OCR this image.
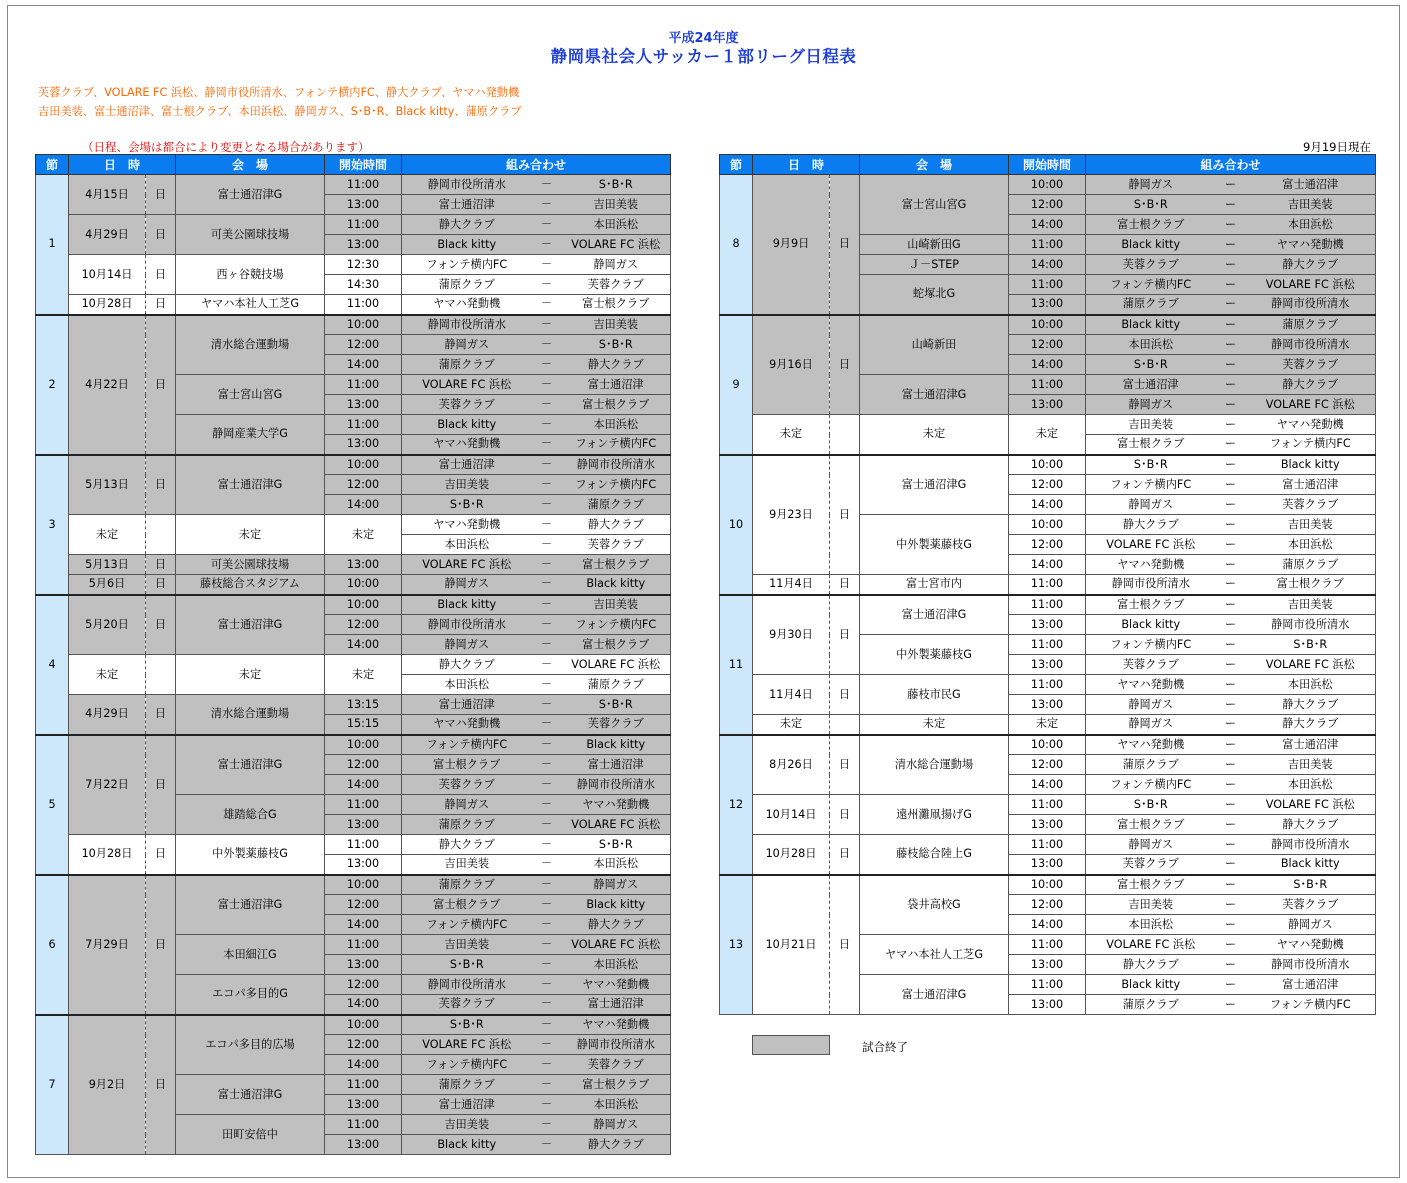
平成24年度
静岡県社会人サッカー１部リーグ日程表
芙蓉クラブ、VOLARE FC 浜松、静岡市役所清水、フォンテ横内FC、静大クラブ、ヤマハ発動機
吉田美装、富士通沼津、富士根クラブ、本田浜松、静岡ガス、S･B･R、Black kitty、蒲原クラブ
（日程、会場は都合により変更となる場合があります）	9月19日現在
節	日　時		会　場	開始時間	組み合わせ		
1	4月15日	日	富士通沼津G	11:00	静岡市役所清水	－	S･B･R
				13:00	富士通沼津	－	吉田美装
	4月29日	日	可美公園球技場	11:00	静大クラブ	－	本田浜松
				13:00	Black kitty	－	VOLARE FC 浜松
	10月14日	日	西ヶ谷競技場	12:30	フォンテ横内FC	－	静岡ガス
				14:30	蒲原クラブ	－	芙蓉クラブ
	10月28日	日	ヤマハ本社人工芝G	11:00	ヤマハ発動機	－	富士根クラブ
2	4月22日	日	清水総合運動場	10:00	静岡市役所清水	－	吉田美装
				12:00	静岡ガス	－	S･B･R
				14:00	蒲原クラブ	－	静大クラブ
			富士宮山宮G	11:00	VOLARE FC 浜松	－	富士通沼津
				13:00	芙蓉クラブ	－	富士根クラブ
			静岡産業大学G	11:00	Black kitty	－	本田浜松
				13:00	ヤマハ発動機	－	フォンテ横内FC
3	5月13日	日	富士通沼津G	10:00	富士通沼津	－	静岡市役所清水
				12:00	吉田美装	－	フォンテ横内FC
				14:00	S･B･R	－	蒲原クラブ
	未定		未定	未定	ヤマハ発動機	－	静大クラブ
					本田浜松	－	芙蓉クラブ
	5月13日	日	可美公園球技場	13:00	VOLARE FC 浜松	－	富士根クラブ
	5月6日	日	藤枝総合スタジアム	10:00	静岡ガス	－	Black kitty
4	5月20日	日	富士通沼津G	10:00	Black kitty	－	吉田美装
				12:00	静岡市役所清水	－	フォンテ横内FC
				14:00	静岡ガス	－	富士根クラブ
	未定		未定	未定	静大クラブ	－	VOLARE FC 浜松
					本田浜松	－	蒲原クラブ
	4月29日	日	清水総合運動場	13:15	富士通沼津	－	S･B･R
				15:15	ヤマハ発動機	－	芙蓉クラブ
5	7月22日	日	富士通沼津G	10:00	フォンテ横内FC	－	Black kitty
				12:00	富士根クラブ	－	富士通沼津
				14:00	芙蓉クラブ	－	静岡市役所清水
			雄踏総合G	11:00	静岡ガス	－	ヤマハ発動機
				13:00	蒲原クラブ	－	VOLARE FC 浜松
	10月28日	日	中外製薬藤枝G	11:00	静大クラブ	－	S･B･R
				13:00	吉田美装	－	本田浜松
6	7月29日	日	富士通沼津G	10:00	蒲原クラブ	－	静岡ガス
				12:00	富士根クラブ	－	Black kitty
				14:00	フォンテ横内FC	－	静大クラブ
			本田細江G	11:00	吉田美装	－	VOLARE FC 浜松
				13:00	S･B･R	－	本田浜松
			エコパ多目的G	12:00	静岡市役所清水	－	ヤマハ発動機
				14:00	芙蓉クラブ	－	富士通沼津
7	9月2日	日	エコパ多目的広場	10:00	S･B･R	－	ヤマハ発動機
				12:00	VOLARE FC 浜松	－	静岡市役所清水
				14:00	フォンテ横内FC	－	芙蓉クラブ
			富士通沼津G	11:00	蒲原クラブ	－	富士根クラブ
				13:00	富士通沼津	－	本田浜松
			田町安倍中	11:00	吉田美装	－	静岡ガス
				13:00	Black kitty	－	静大クラブ
節	日　時		会　場	開始時間	組み合わせ		
8	9月9日	日	富士宮山宮G	10:00	静岡ガス	ー	富士通沼津
				12:00	S･B･R	ー	吉田美装
				14:00	富士根クラブ	ー	本田浜松
			山崎新田G	11:00	Black kitty	ー	ヤマハ発動機
			Ｊ－STEP	14:00	芙蓉クラブ	ー	静大クラブ
			蛇塚北G	11:00	フォンテ横内FC	ー	VOLARE FC 浜松
				13:00	蒲原クラブ	ー	静岡市役所清水
9	9月16日	日	山崎新田	10:00	Black kitty	ー	蒲原クラブ
				12:00	本田浜松	ー	静岡市役所清水
				14:00	S･B･R	ー	芙蓉クラブ
			富士通沼津G	11:00	富士通沼津	ー	静大クラブ
				13:00	静岡ガス	ー	VOLARE FC 浜松
	未定		未定	未定	吉田美装	ー	ヤマハ発動機
					富士根クラブ	ー	フォンテ横内FC
10	9月23日	日	富士通沼津G	10:00	S･B･R	ー	Black kitty
				12:00	フォンテ横内FC	ー	富士通沼津
				14:00	静岡ガス	ー	芙蓉クラブ
			中外製薬藤枝G	10:00	静大クラブ	ー	吉田美装
				12:00	VOLARE FC 浜松	ー	本田浜松
				14:00	ヤマハ発動機	ー	蒲原クラブ
	11月4日	日	富士宮市内	11:00	静岡市役所清水	ー	富士根クラブ
11	9月30日	日	富士通沼津G	11:00	富士根クラブ	ー	吉田美装
				13:00	Black kitty	ー	静岡市役所清水
			中外製薬藤枝G	11:00	フォンテ横内FC	ー	S･B･R
				13:00	芙蓉クラブ	ー	VOLARE FC 浜松
	11月4日	日	藤枝市民G	11:00	ヤマハ発動機	ー	本田浜松
				13:00	静岡ガス	ー	静大クラブ
	未定		未定	未定	静岡ガス	ー	静大クラブ
12	8月26日	日	清水総合運動場	10:00	ヤマハ発動機	ー	富士通沼津
				12:00	蒲原クラブ	ー	吉田美装
				14:00	フォンテ横内FC	ー	本田浜松
	10月14日	日	遠州灘凧揚げG	11:00	S･B･R	ー	VOLARE FC 浜松
				13:00	富士根クラブ	ー	静大クラブ
	10月28日	日	藤枝総合陸上G	11:00	静岡ガス	ー	静岡市役所清水
				13:00	芙蓉クラブ	ー	Black kitty
13	10月21日	日	袋井高校G	10:00	富士根クラブ	ー	S･B･R
				12:00	吉田美装	ー	芙蓉クラブ
				14:00	本田浜松	ー	静岡ガス
			ヤマハ本社人工芝G	11:00	VOLARE FC 浜松	ー	ヤマハ発動機
				13:00	静大クラブ	ー	静岡市役所清水
			富士通沼津G	11:00	Black kitty	ー	富士通沼津
				13:00	蒲原クラブ	ー	フォンテ横内FC
試合終了
